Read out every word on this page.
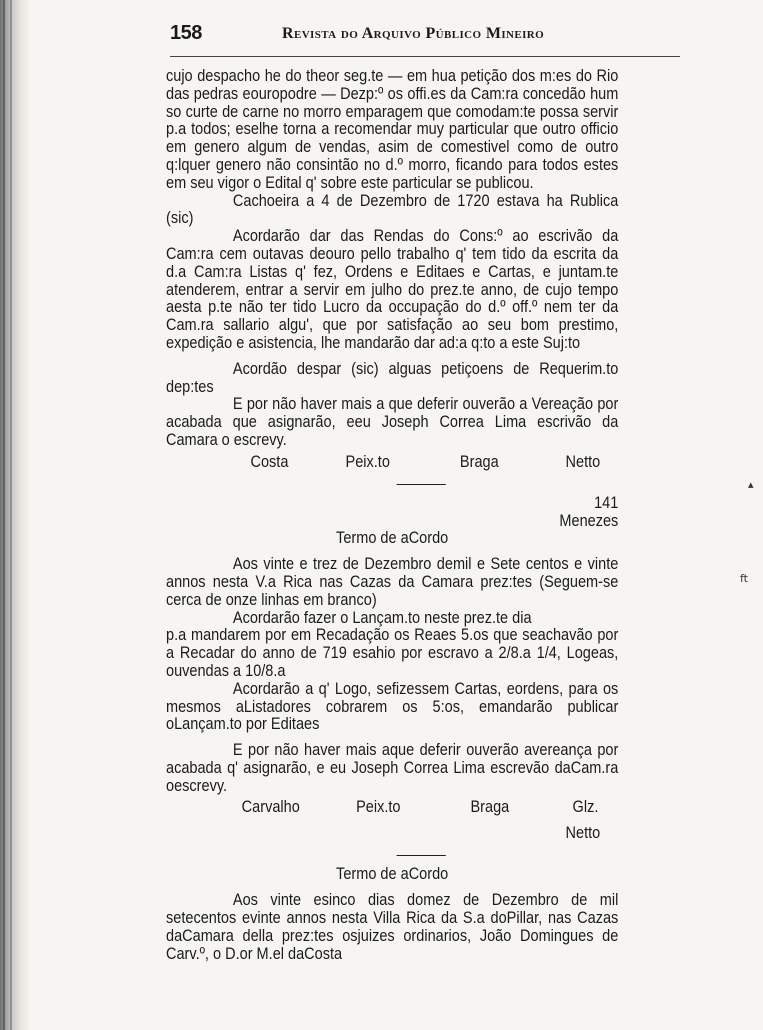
158	Revista do Arquivo Público Mineiro

cujo despacho he do theor seg.te — em hua petição dos m:es do Rio das pedras eouropodre — Dezp:º os offi.es da Cam:ra concedão hum so curte de carne no morro emparagem que comodam:te possa servir p.a todos; eselhe torna a recomendar muy particular que outro officio em genero algum de vendas, asim de comestivel como de outro q:lquer genero não consintão no d.º morro, ficando para todos estes em seu vigor o Edital q' sobre este particular se publicou.

Cachoeira a 4 de Dezembro de 1720 estava ha Rublica (sic)

Acordarão dar das Rendas do Cons:º ao escrivão da Cam:ra cem outavas deouro pello trabalho q' tem tido da escrita da d.a Cam:ra Listas q' fez, Ordens e Editaes e Cartas, e juntam.te atenderem, entrar a servir em julho do prez.te anno, de cujo tempo aesta p.te não ter tido Lucro da occupação do d.º off.º nem ter da Cam.ra sallario algu', que por satisfação ao seu bom prestimo, expedição e asistencia, lhe mandarão dar ad:a q:to a este Suj:to

Acordão despar (sic) alguas petiçoens de Requerim.to dep:tes

E por não haver mais a que deferir ouverão a Vereação por acabada que asignarão, eeu Joseph Correa Lima escrivão da Camara o escrevy.

Costa	Peix.to	Braga	Netto

141

Menezes

Termo de aCordo

Aos vinte e trez de Dezembro demil e Sete centos e vinte annos nesta V.a Rica nas Cazas da Camara prez:tes (Seguem-se cerca de onze linhas em branco)

Acordarão fazer o Lançam.to neste prez.te dia

p.a mandarem por em Recadação os Reaes 5.os que seachavão por a Recadar do anno de 719 esahio por escravo a 2/8.a 1/4, Logeas, ouvendas a 10/8.a

Acordarão a q' Logo, sefizessem Cartas, eordens, para os mesmos aListadores cobrarem os 5:os, emandarão publicar oLançam.to por Editaes

E por não haver mais aque deferir ouverão avereança por acabada q' asignarão, e eu Joseph Correa Lima escrevão daCam.ra oescrevy.

Carvalho	Peix.to	Braga	Glz.
Netto

Termo de aCordo

Aos vinte esinco dias domez de Dezembro de mil setecentos evinte annos nesta Villa Rica da S.a doPillar, nas Cazas daCamara della prez:tes osjuizes ordinarios, João Domingues de Carv.º, o D.or M.el daCosta

▴
ft
